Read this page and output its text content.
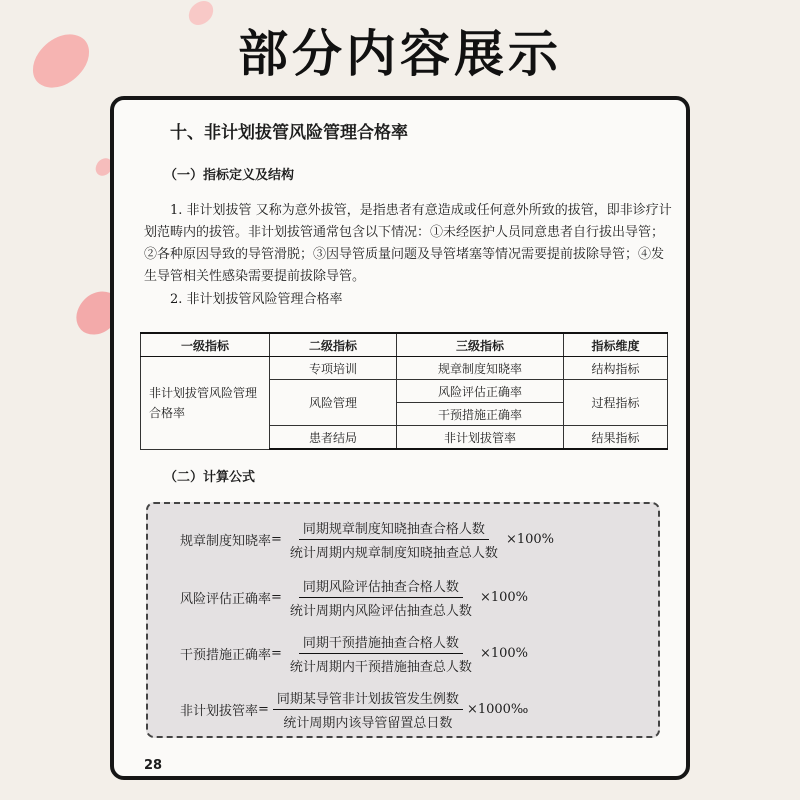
部分内容展示
十、非计划拔管风险管理合格率
（一）指标定义及结构
1. 非计划拔管 又称为意外拔管，是指患者有意造成或任何意外所致的拔管，即非诊疗计划范畴内的拔管。非计划拔管通常包含以下情况：①未经医护人员同意患者自行拔出导管；②各种原因导致的导管滑脱；③因导管质量问题及导管堵塞等情况需要提前拔除导管；④发生导管相关性感染需要提前拔除导管。
2. 非计划拔管风险管理合格率
一级指标	二级指标	三级指标	指标维度
非计划拔管风险管理合格率	专项培训	规章制度知晓率	结构指标
	风险管理	风险评估正确率	过程指标
		干预措施正确率	
	患者结局	非计划拔管率	结果指标
（二）计算公式
规章制度知晓率 = $\frac{\text{同期规章制度知晓抽查合格人数}}{\text{统计周期内规章制度知晓抽查总人数}} \times 100\%$
风险评估正确率 = $\frac{\text{同期风险评估抽查合格人数}}{\text{统计周期内风险评估抽查总人数}} \times 100\%$
干预措施正确率 = $\frac{\text{同期干预措施抽查合格人数}}{\text{统计周期内干预措施抽查总人数}} \times 100\%$
非计划拔管率 = $\frac{\text{同期某导管非计划拔管发生例数}}{\text{统计周期内该导管留置总日数}}$ ×1000‰
28
